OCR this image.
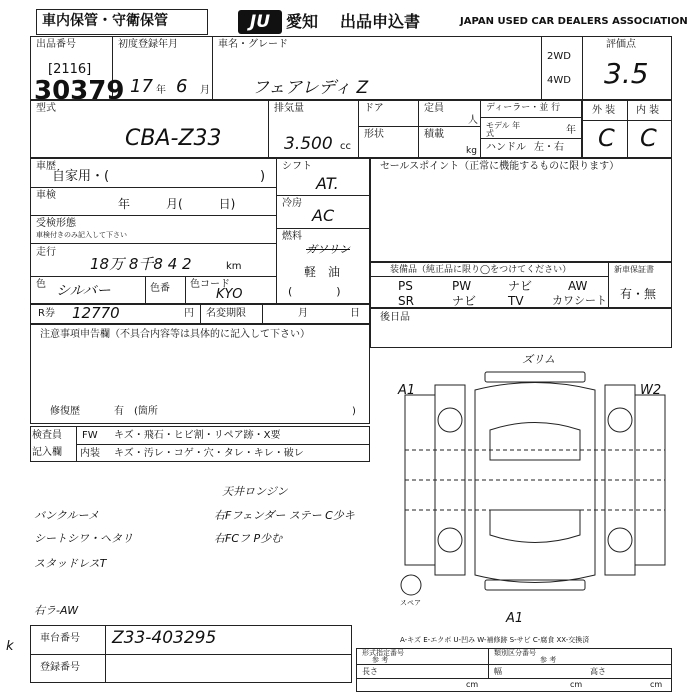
車内保管・守衛保管	JU 愛知 出品申込書	JAPAN USED CAR DEALERS ASSOCIATION
出品番号
[2116]
30379
初度登録年月
17 年 6 月
車名・グレード
フェアレディ Z
2WD
4WD
評価点
3.5
外 装 内 装
C C
型式
CBA-Z33
排気量
3.500 cc
ドア
形状
定員
人
積載
kg
ディーラー・並 行
モデル 年式	年
ハンドル 左・右
車歴
自家用・(	)
車検
年　　　月(　　　日)
受検形態
車検付きのみ記入して下さい
走行
18万 8千8 4 2	km
色 シルバー	色番 色コード
KYO
シフト
AT.
冷房
AC
燃料
ガソリン
軽　油
(　　　　)
セールスポイント（正常に機能するものに限ります）
装備品（純正品に限り◯をつけてください）
PS	PW	ナビ	AW
SR	ナビ	TV	カワシート
新車保証書
有・無
R券 12770	円 名変期限	月	日 後日品
注意事項申告欄（不具合内容等は具体的に記入して下さい）
修復歴	有　(箇所	)
検査員
記入欄
FW キズ・飛石・ヒビ割・リペア跡・X要
内装 キズ・汚レ・コゲ・穴・タレ・キレ・破レ
天井ロンジン
バンクルーメ	右Fフェンダー ステー C少キ
シートシワ・ヘタリ	右FCフ P少む
スタッドレスT
右ラ-AW
ズリム
A1	W2
A1
スペア
A-キズ E-エクボ U-凹み W-補修跡 S-サビ C-腐食 XX-交換済
車台番号 Z33-403295
登録番号
k	形式指定番号
参 考
類別区分番号
参 考
長さ
cm
幅
cm
高さ
cm
